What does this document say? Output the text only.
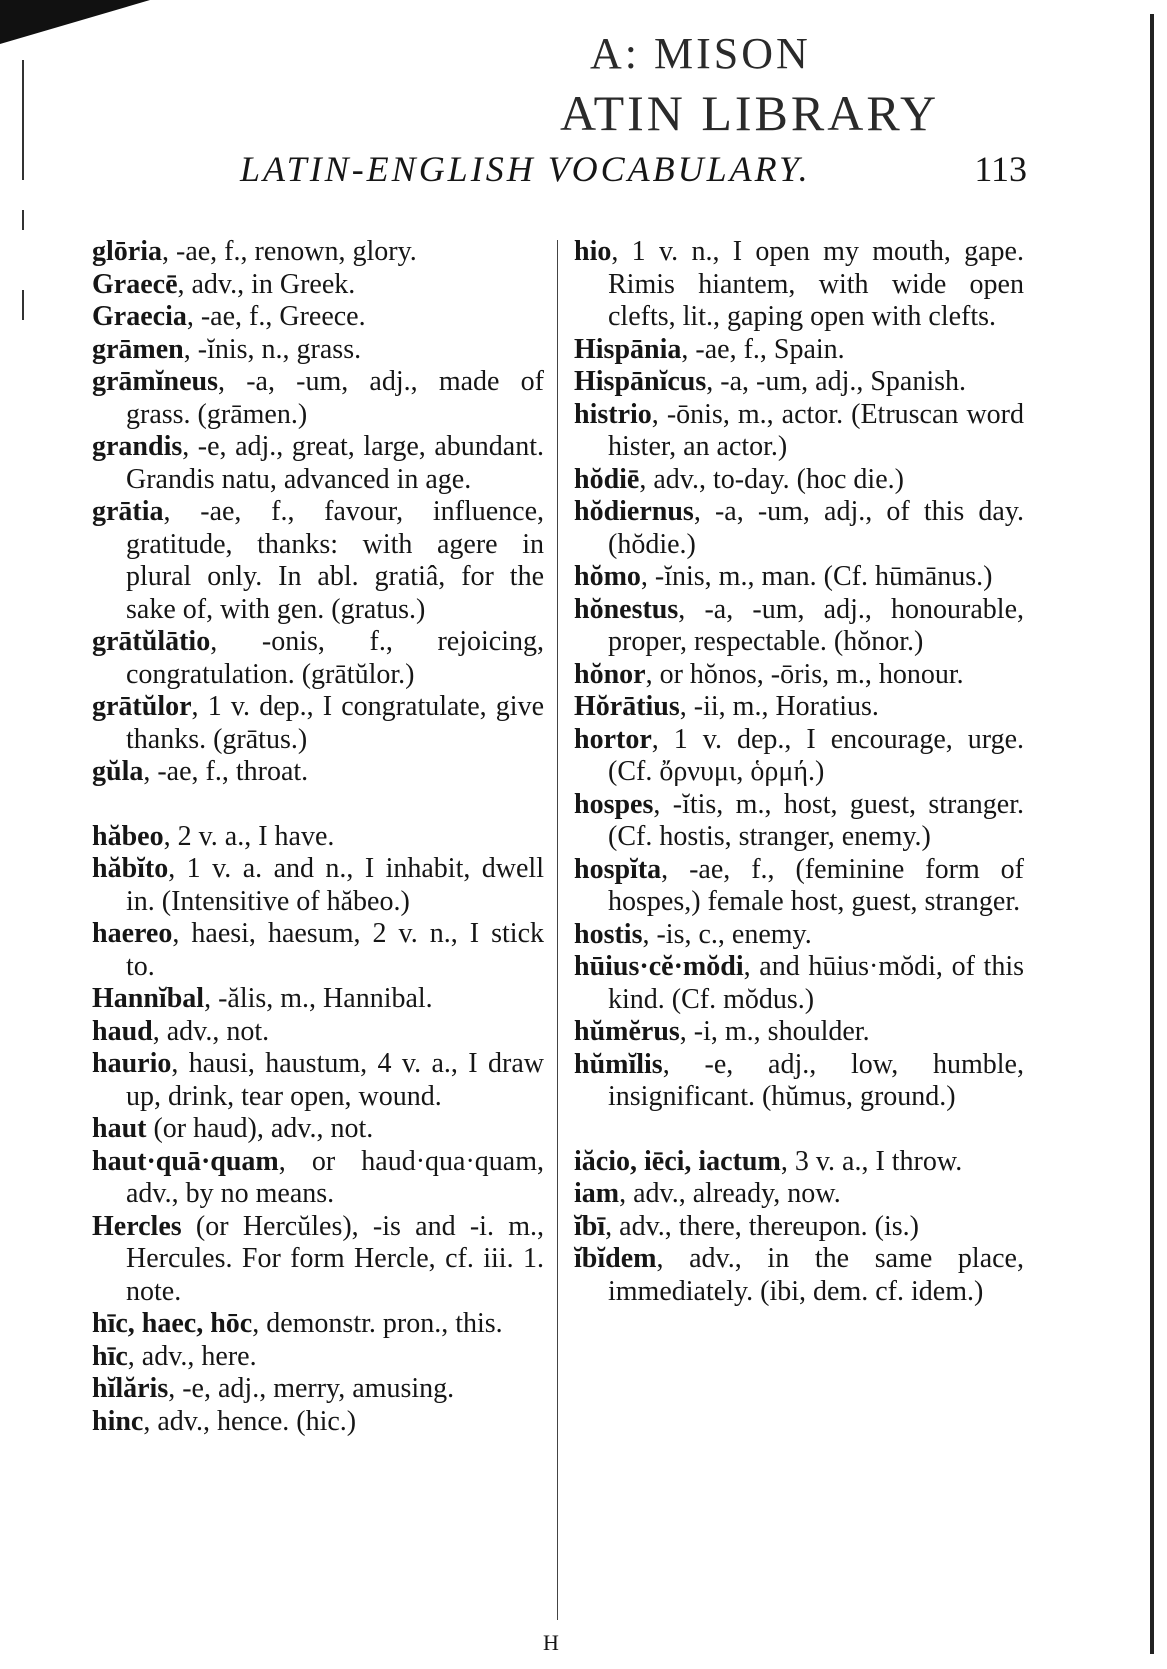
A: MISON
ATIN LIBRARY
LATIN-ENGLISH VOCABULARY.	113

glōria, -ae, f., renown, glory.

Graecē, adv., in Greek.

Graecia, -ae, f., Greece.

grāmen, -ĭnis, n., grass.

grāmĭneus, -a, -um, adj., made of grass. (grāmen.)

grandis, -e, adj., great, large, abundant. Grandis natu, advanced in age.

grātia, -ae, f., favour, influence, gratitude, thanks: with agere in plural only. In abl. gratiâ, for the sake of, with gen. (gratus.)

grātŭlātio, -onis, f., rejoicing, congratulation. (grātŭlor.)

grātŭlor, 1 v. dep., I congratulate, give thanks. (grātus.)

gŭla, -ae, f., throat.

hăbeo, 2 v. a., I have.

hăbĭto, 1 v. a. and n., I inhabit, dwell in. (Intensitive of hăbeo.)

haereo, haesi, haesum, 2 v. n., I stick to.

Hannĭbal, -ălis, m., Hannibal.

haud, adv., not.

haurio, hausi, haustum, 4 v. a., I draw up, drink, tear open, wound.

haut (or haud), adv., not.

haut·quā·quam, or haud·qua·quam, adv., by no means.

Hercles (or Hercŭles), -is and -i. m., Hercules. For form Hercle, cf. iii. 1. note.

hīc, haec, hōc, demonstr. pron., this.

hīc, adv., here.

hĭlăris, -e, adj., merry, amusing.

hinc, adv., hence. (hic.)

hio, 1 v. n., I open my mouth, gape. Rimis hiantem, with wide open clefts, lit., gaping open with clefts.

Hispānia, -ae, f., Spain.

Hispānĭcus, -a, -um, adj., Spanish.

histrio, -ōnis, m., actor. (Etruscan word hister, an actor.)

hŏdiē, adv., to-day. (hoc die.)

hŏdiernus, -a, -um, adj., of this day. (hŏdie.)

hŏmo, -ĭnis, m., man. (Cf. hūmānus.)

hŏnestus, -a, -um, adj., honourable, proper, respectable. (hŏnor.)

hŏnor, or hŏnos, -ōris, m., honour.

Hŏrātius, -ii, m., Horatius.

hortor, 1 v. dep., I encourage, urge. (Cf. ὄρνυμι, ὁρμή.)

hospes, -ĭtis, m., host, guest, stranger. (Cf. hostis, stranger, enemy.)

hospĭta, -ae, f., (feminine form of hospes,) female host, guest, stranger.

hostis, -is, c., enemy.

hūius·cĕ·mŏdi, and hūius·mŏdi, of this kind. (Cf. mŏdus.)

hŭmĕrus, -i, m., shoulder.

hŭmĭlis, -e, adj., low, humble, insignificant. (hŭmus, ground.)

iăcio, iēci, iactum, 3 v. a., I throw.

iam, adv., already, now.

ĭbī, adv., there, thereupon. (is.)

ĭbĭdem, adv., in the same place, immediately. (ibi, dem. cf. idem.)

H
